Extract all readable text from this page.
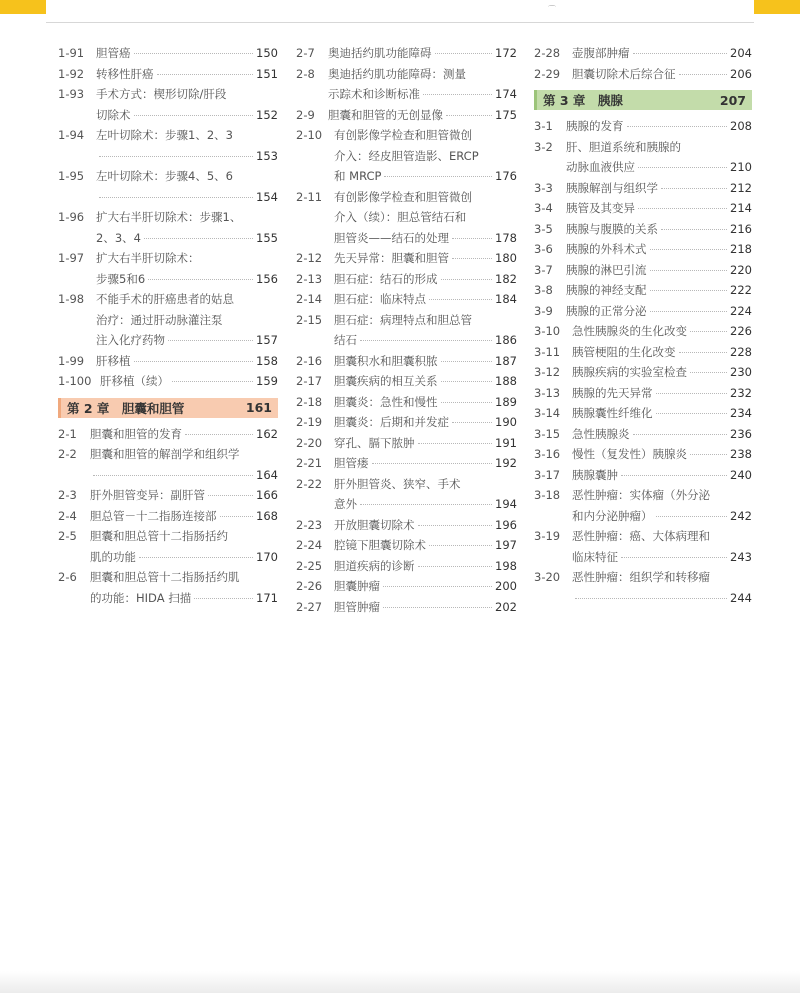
⌒
1-91 胆管癌	150
1-92 转移性肝癌	151
1-93 手术方式：楔形切除/肝段
切除术	152
1-94 左叶切除术：步骤1、2、3
153
1-95 左叶切除术：步骤4、5、6
154
1-96 扩大右半肝切除术：步骤1、
2、3、4	155
1-97 扩大右半肝切除术：
步骤5和6	156
1-98 不能手术的肝癌患者的姑息
治疗：通过肝动脉灌注泵
注入化疗药物	157
1-99 肝移植	158
1-100 肝移植（续）	159
第 2 章　胆囊和胆管	161
2-1 胆囊和胆管的发育	162
2-2 胆囊和胆管的解剖学和组织学
164
2-3 肝外胆管变异：副肝管	166
2-4 胆总管－十二指肠连接部	168
2-5 胆囊和胆总管十二指肠括约
肌的功能	170
2-6 胆囊和胆总管十二指肠括约肌
的功能：HIDA 扫描	171
2-7 奥迪括约肌功能障碍	172
2-8 奥迪括约肌功能障碍：测量
示踪术和诊断标准	174
2-9 胆囊和胆管的无创显像	175
2-10 有创影像学检查和胆管微创
介入：经皮胆管造影、ERCP
和 MRCP	176
2-11 有创影像学检查和胆管微创
介入（续）：胆总管结石和
胆管炎——结石的处理	178
2-12 先天异常：胆囊和胆管	180
2-13 胆石症：结石的形成	182
2-14 胆石症：临床特点	184
2-15 胆石症：病理特点和胆总管
结石	186
2-16 胆囊积水和胆囊积脓	187
2-17 胆囊疾病的相互关系	188
2-18 胆囊炎：急性和慢性	189
2-19 胆囊炎：后期和并发症	190
2-20 穿孔、膈下脓肿	191
2-21 胆管瘘	192
2-22 肝外胆管炎、狭窄、手术
意外	194
2-23 开放胆囊切除术	196
2-24 腔镜下胆囊切除术	197
2-25 胆道疾病的诊断	198
2-26 胆囊肿瘤	200
2-27 胆管肿瘤	202
2-28 壶腹部肿瘤	204
2-29 胆囊切除术后综合征	206
第 3 章　胰腺	207
3-1 胰腺的发育	208
3-2 肝、胆道系统和胰腺的
动脉血液供应	210
3-3 胰腺解剖与组织学	212
3-4 胰管及其变异	214
3-5 胰腺与腹膜的关系	216
3-6 胰腺的外科术式	218
3-7 胰腺的淋巴引流	220
3-8 胰腺的神经支配	222
3-9 胰腺的正常分泌	224
3-10 急性胰腺炎的生化改变	226
3-11 胰管梗阻的生化改变	228
3-12 胰腺疾病的实验室检查	230
3-13 胰腺的先天异常	232
3-14 胰腺囊性纤维化	234
3-15 急性胰腺炎	236
3-16 慢性（复发性）胰腺炎	238
3-17 胰腺囊肿	240
3-18 恶性肿瘤：实体瘤（外分泌
和内分泌肿瘤）	242
3-19 恶性肿瘤：癌、大体病理和
临床特征	243
3-20 恶性肿瘤：组织学和转移瘤
244
